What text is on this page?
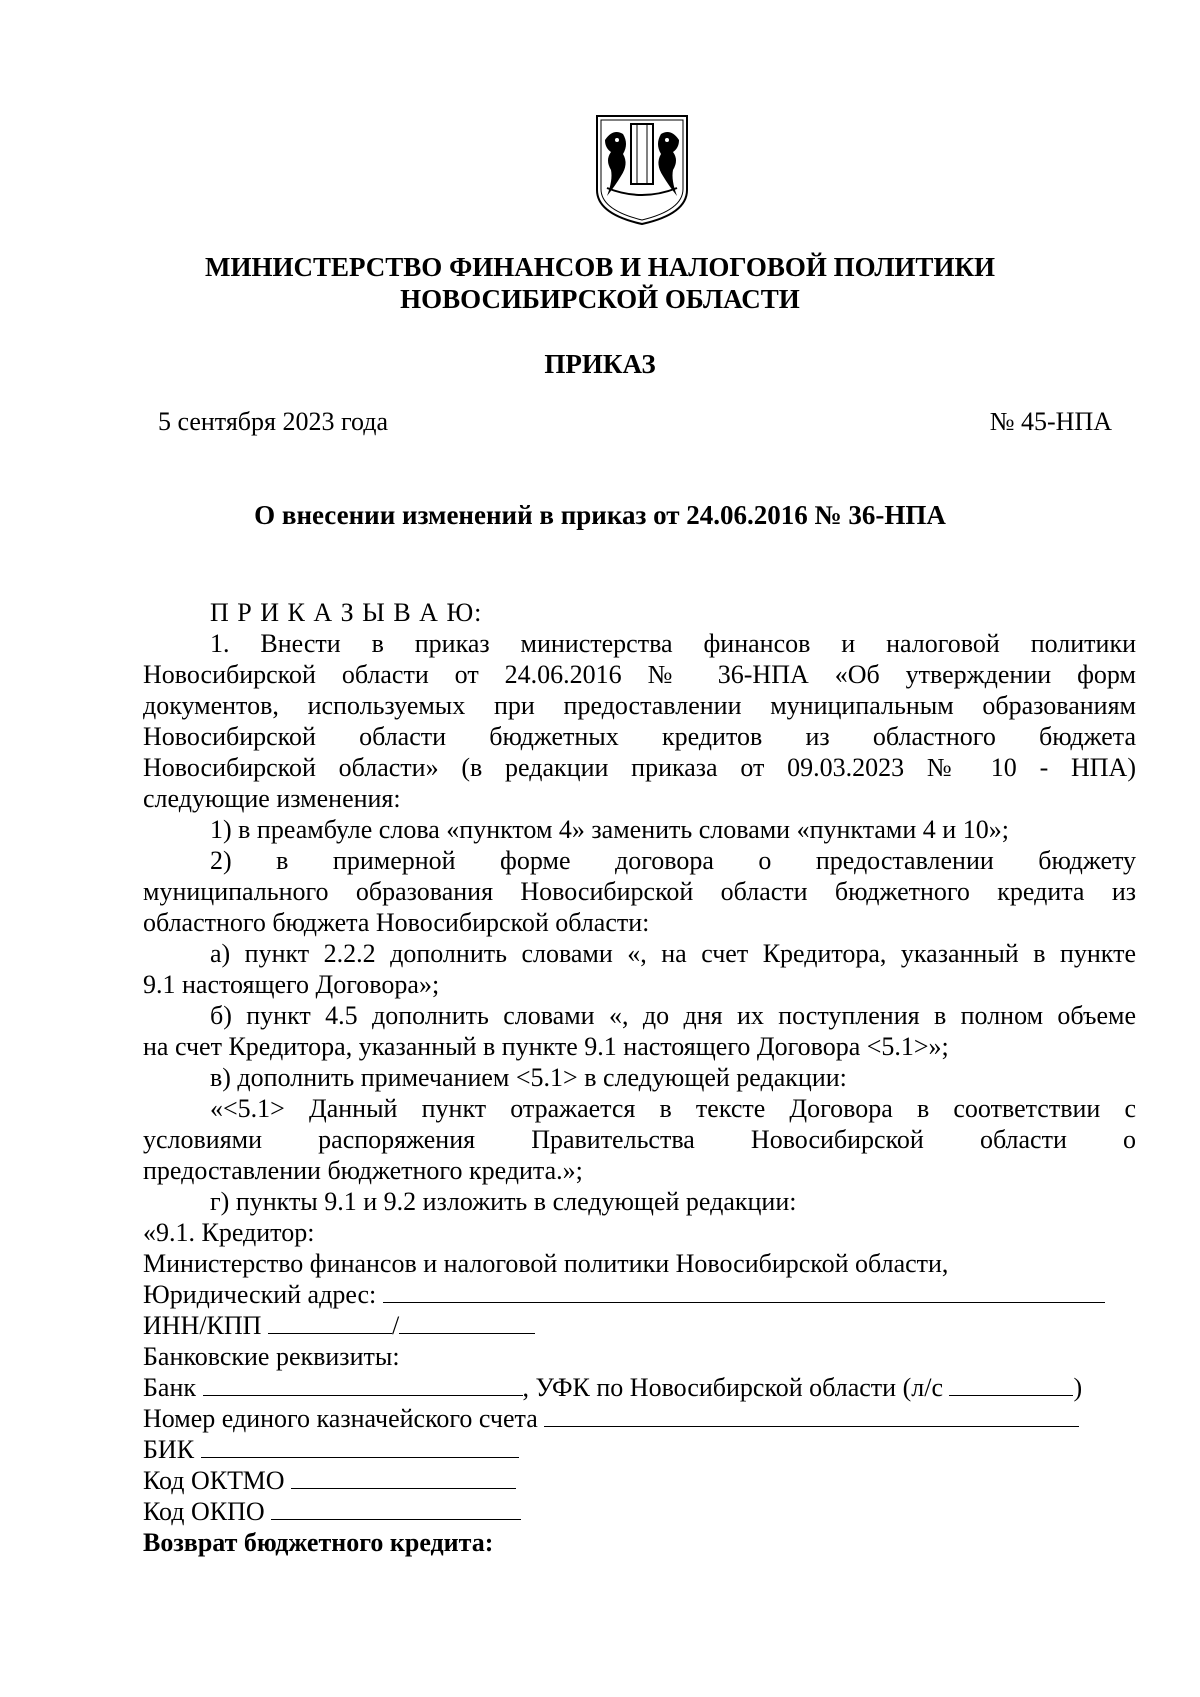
МИНИСТЕРСТВО ФИНАНСОВ И НАЛОГОВОЙ ПОЛИТИКИ
НОВОСИБИРСКОЙ ОБЛАСТИ
ПРИКАЗ
5 сентября 2023 года	№ 45-НПА
О внесении изменений в приказ от 24.06.2016 № 36-НПА
П Р И К А З Ы В А Ю:
1. Внести в приказ министерства финансов и налоговой политики
Новосибирской области от 24.06.2016 № 36-НПА «Об утверждении форм
документов, используемых при предоставлении муниципальным образованиям
Новосибирской области бюджетных кредитов из областного бюджета
Новосибирской области» (в редакции приказа от 09.03.2023 № 10 - НПА)
следующие изменения:
1) в преамбуле слова «пунктом 4» заменить словами «пунктами 4 и 10»;
2) в примерной форме договора о предоставлении бюджету
муниципального образования Новосибирской области бюджетного кредита из
областного бюджета Новосибирской области:
а) пункт 2.2.2 дополнить словами «, на счет Кредитора, указанный в пункте
9.1 настоящего Договора»;
б) пункт 4.5 дополнить словами «, до дня их поступления в полном объеме
на счет Кредитора, указанный в пункте 9.1 настоящего Договора <5.1>»;
в) дополнить примечанием <5.1> в следующей редакции:
«<5.1> Данный пункт отражается в тексте Договора в соответствии с
условиями распоряжения Правительства Новосибирской области о
предоставлении бюджетного кредита.»;
г) пункты 9.1 и 9.2 изложить в следующей редакции:
«9.1. Кредитор:
Министерство финансов и налоговой политики Новосибирской области,
Юридический адрес:
ИНН/КПП	/
Банковские реквизиты:
Банк	, УФК по Новосибирской области (л/с	)
Номер единого казначейского счета
БИК
Код ОКТМО
Код ОКПО
Возврат бюджетного кредита:
